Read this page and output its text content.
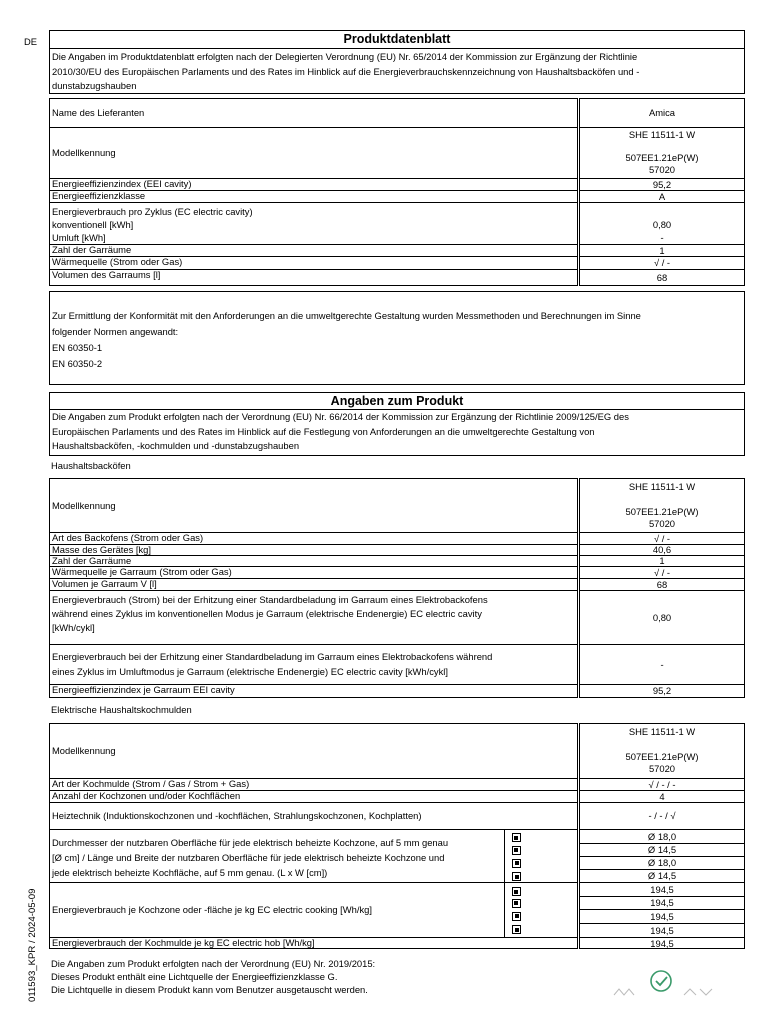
DE
011593_KPR / 2024-05-09
Produktdatenblatt
Die Angaben im Produktdatenblatt erfolgten nach der Delegierten Verordnung (EU) Nr. 65/2014 der Kommission zur Ergänzung der Richtlinie
2010/30/EU des Europäischen Parlaments und des Rates im Hinblick auf die Energieverbrauchskennzeichnung von Haushaltsbacköfen und -
dunstabzugshauben
Name des Lieferanten
Modellkennung
Energieeffizienzindex (EEI cavity)
Energieeffizienzklasse
Energieverbrauch pro Zyklus (EC electric cavity)
konventionell [kWh]
Umluft [kWh]
Zahl der Garräume
Wärmequelle (Strom oder Gas)
Volumen des Garraums [l]
Amica
SHE 11511-1 W
507EE1.21eP(W)
57020
95,2
A
0,80
-
1
√ / -
68
Zur Ermittlung der Konformität mit den Anforderungen an die umweltgerechte Gestaltung wurden Messmethoden und Berechnungen im Sinne
folgender Normen angewandt:
EN 60350-1
EN 60350-2
Angaben zum Produkt
Die Angaben zum Produkt erfolgten nach der Verordnung (EU) Nr. 66/2014 der Kommission zur Ergänzung der Richtlinie 2009/125/EG des
Europäischen Parlaments und des Rates im Hinblick auf die Festlegung von Anforderungen an die umweltgerechte Gestaltung von
Haushaltsbacköfen, -kochmulden und -dunstabzugshauben
Haushaltsbacköfen
Modellkennung
Art des Backofens (Strom oder Gas)
Masse des Gerätes [kg]
Zahl der Garräume
Wärmequelle je Garraum (Strom oder Gas)
Volumen je Garraum V [l]
Energieverbrauch (Strom) bei der Erhitzung einer Standardbeladung im Garraum eines Elektrobackofens
während eines Zyklus im konventionellen Modus je Garraum (elektrische Endenergie) EC electric cavity
[kWh/cykl]
Energieverbrauch bei der Erhitzung einer Standardbeladung im Garraum eines Elektrobackofens während
eines Zyklus im Umluftmodus je Garraum (elektrische Endenergie) EC electric cavity [kWh/cykl]
Energieeffizienzindex je Garraum EEI cavity
SHE 11511-1 W
507EE1.21eP(W)
57020
√ / -
40,6
1
√ / -
68
0,80
-
95,2
Elektrische Haushaltskochmulden
Modellkennung
Art der Kochmulde (Strom / Gas / Strom + Gas)
Anzahl der Kochzonen und/oder Kochflächen
Heiztechnik (Induktionskochzonen und -kochflächen, Strahlungskochzonen, Kochplatten)
Durchmesser der nutzbaren Oberfläche für jede elektrisch beheizte Kochzone, auf 5 mm genau
[Ø cm] / Länge und Breite der nutzbaren Oberfläche für jede elektrisch beheizte Kochzone und
jede elektrisch beheizte Kochfläche, auf 5 mm genau. (L x W [cm])
Energieverbrauch je Kochzone oder -fläche je kg EC electric cooking [Wh/kg]
Energieverbrauch der Kochmulde je kg EC electric hob [Wh/kg]
SHE 11511-1 W
507EE1.21eP(W)
57020
√ / - / -
4
- / - / √
Ø 18,0
Ø 14,5
Ø 18,0
Ø 14,5
194,5
194,5
194,5
194,5
194,5
Die Angaben zum Produkt erfolgten nach der Verordnung (EU) Nr. 2019/2015:
Dieses Produkt enthält eine Lichtquelle der Energieeffizienzklasse G.
Die Lichtquelle in diesem Produkt kann vom Benutzer ausgetauscht werden.
